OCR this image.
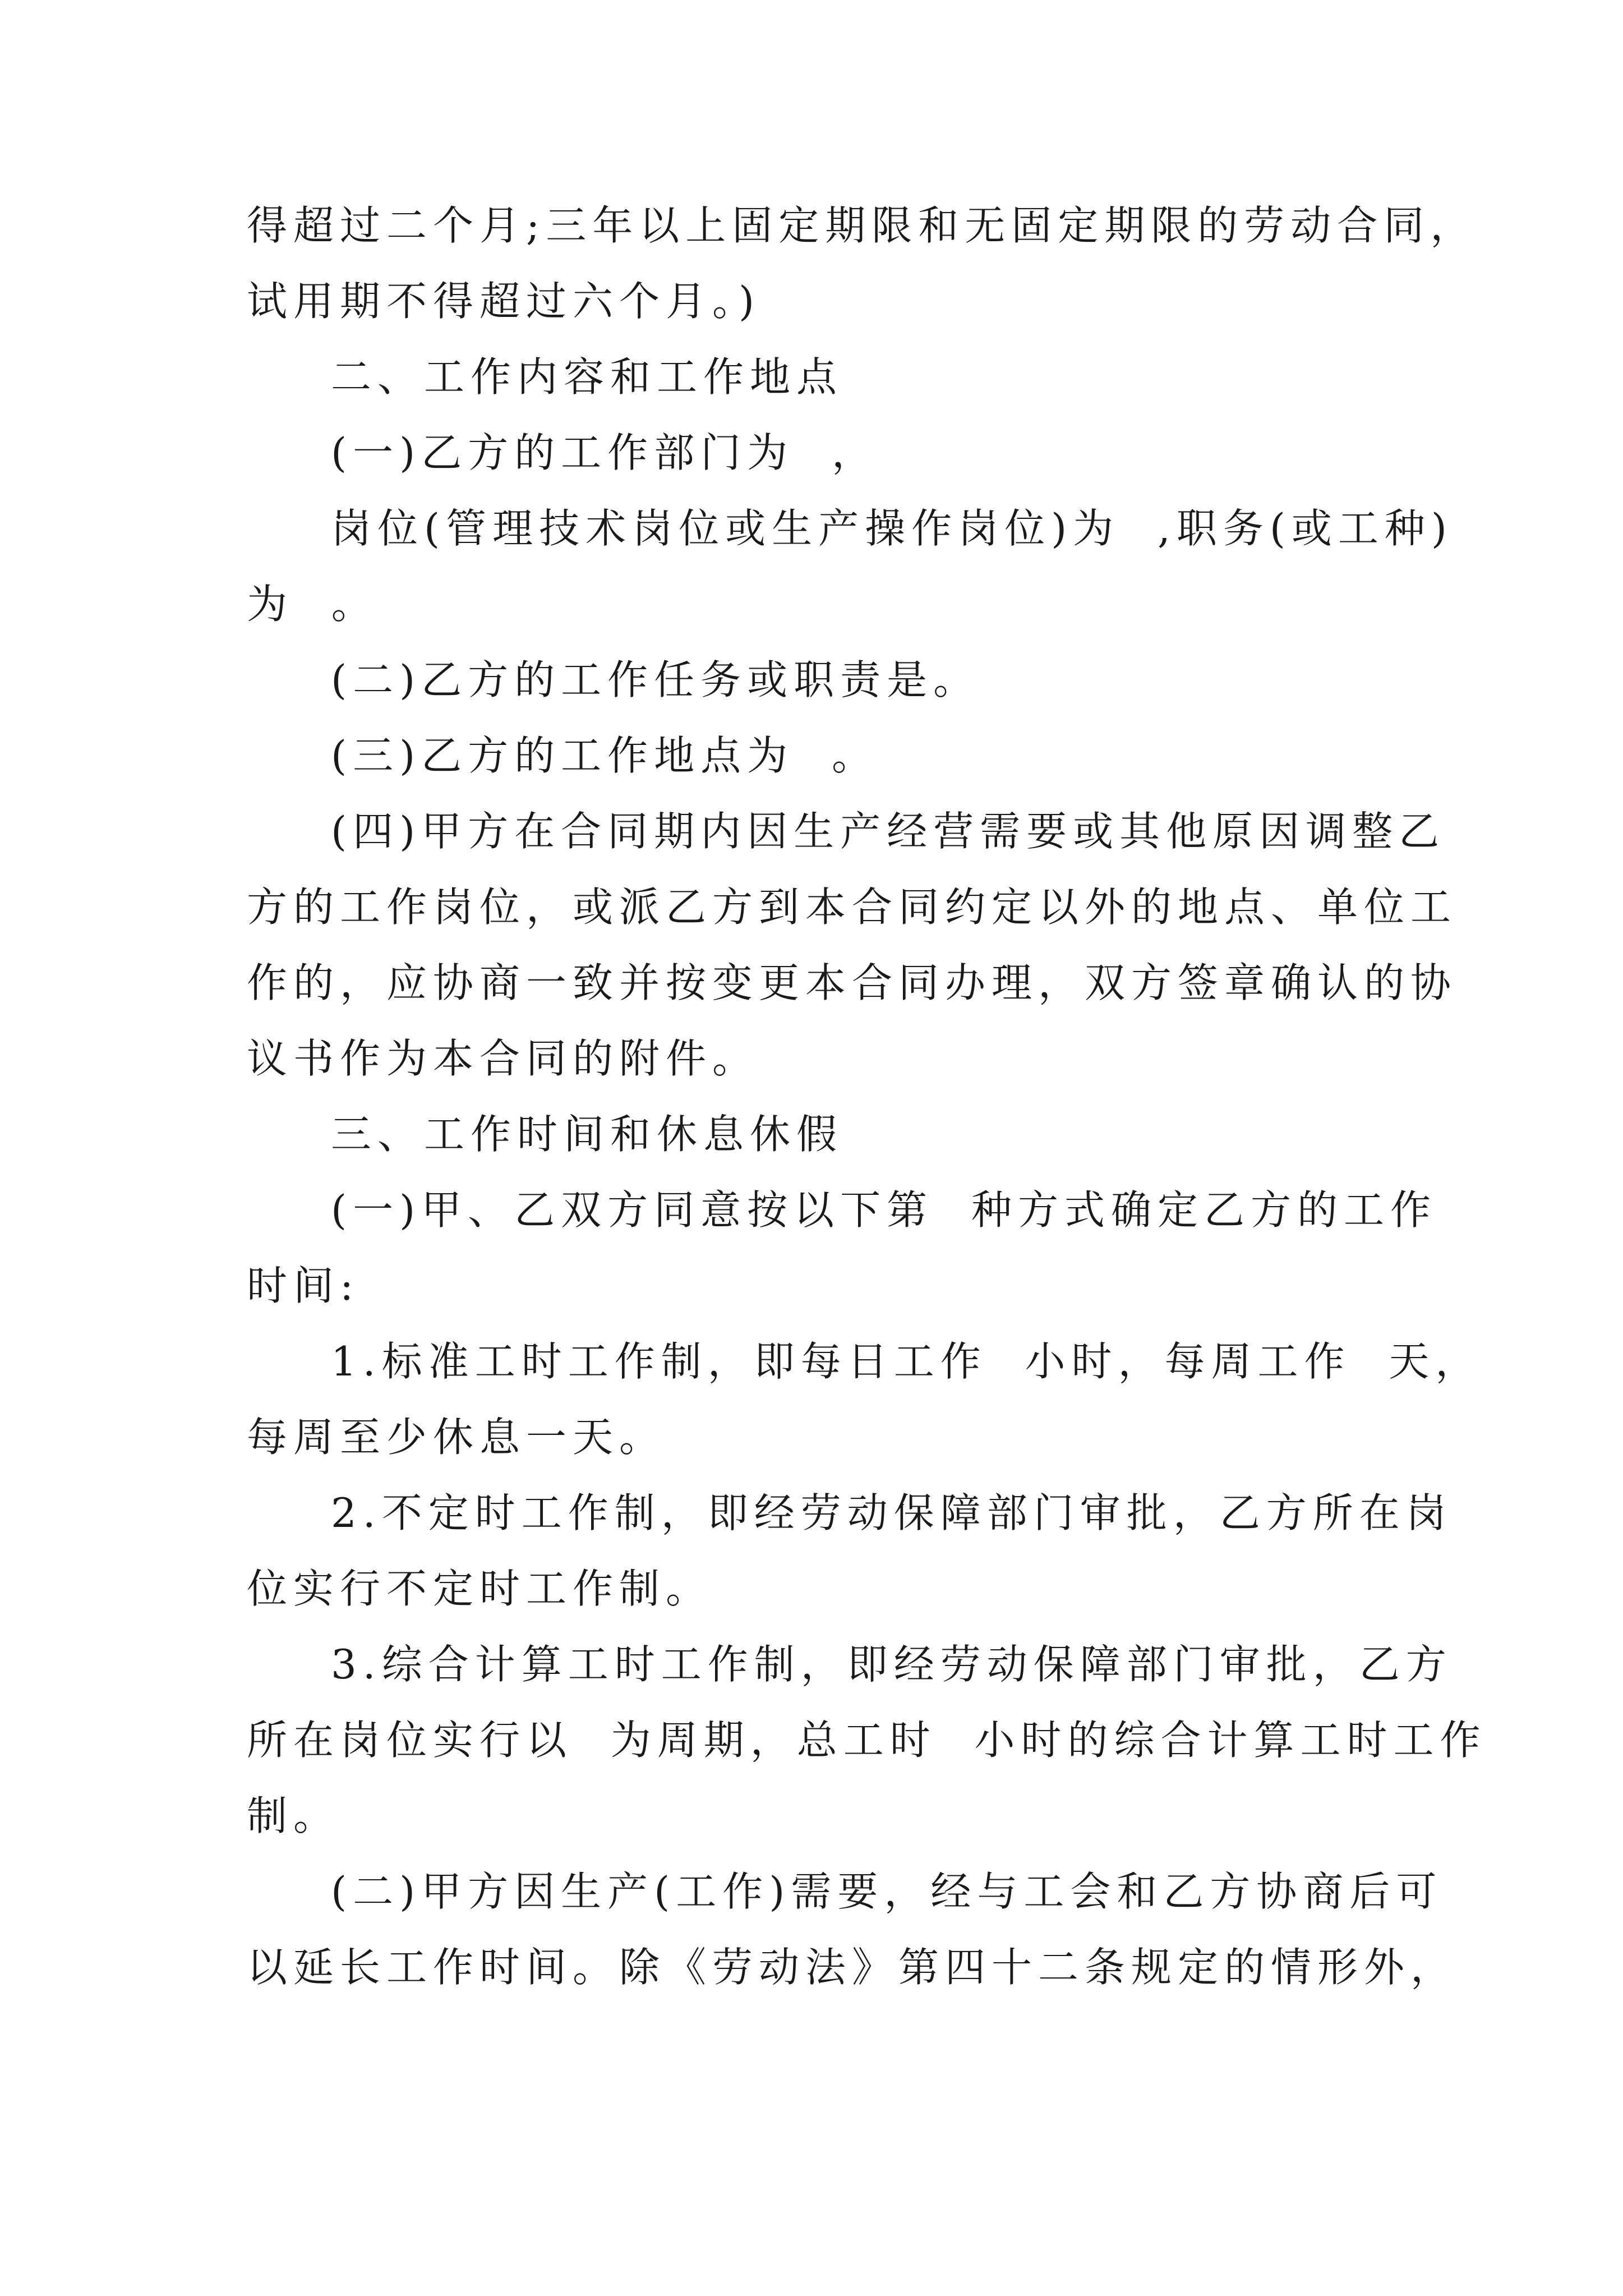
得超过二个月;三年以上固定期限和无固定期限的劳动合同，
试用期不得超过六个月。)
二、工作内容和工作地点
(一)乙方的工作部门为  ，
岗位(管理技术岗位或生产操作岗位)为  ,职务(或工种)
为  。
(二)乙方的工作任务或职责是。
(三)乙方的工作地点为  。
(四)甲方在合同期内因生产经营需要或其他原因调整乙
方的工作岗位，或派乙方到本合同约定以外的地点、单位工
作的，应协商一致并按变更本合同办理，双方签章确认的协
议书作为本合同的附件。
三、工作时间和休息休假
(一)甲、乙双方同意按以下第  种方式确定乙方的工作
时间:
1.标准工时工作制，即每日工作  小时，每周工作  天，
每周至少休息一天。
2.不定时工作制，即经劳动保障部门审批，乙方所在岗
位实行不定时工作制。
3.综合计算工时工作制，即经劳动保障部门审批，乙方
所在岗位实行以  为周期，总工时  小时的综合计算工时工作
制。
(二)甲方因生产(工作)需要，经与工会和乙方协商后可
以延长工作时间。除《劳动法》第四十二条规定的情形外，
